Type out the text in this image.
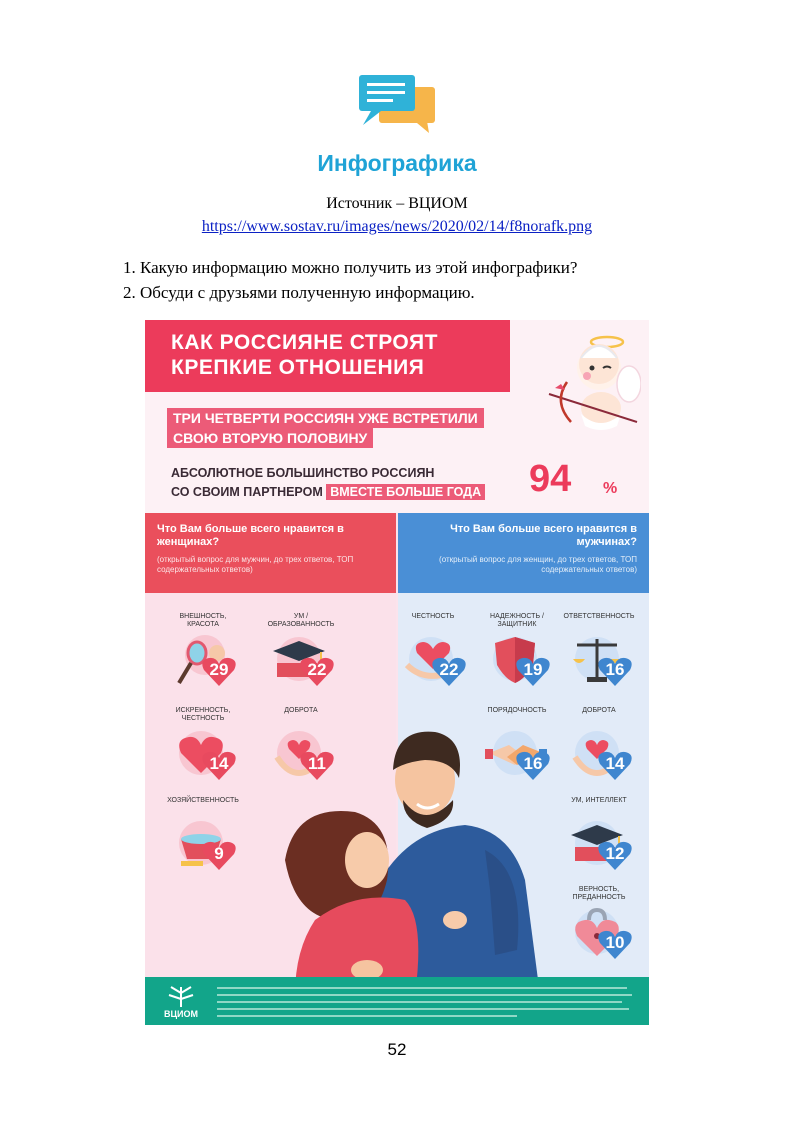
Инфографика
Источник – ВЦИОМ
https://www.sostav.ru/images/news/2020/02/14/f8norafk.png
1. Какую информацию можно получить из этой инфографики?
2. Обсуди с друзьями полученную информацию.
КАК РОССИЯНЕ СТРОЯТ
КРЕПКИЕ ОТНОШЕНИЯ
ТРИ ЧЕТВЕРТИ РОССИЯН УЖЕ ВСТРЕТИЛИ
СВОЮ ВТОРУЮ ПОЛОВИНУ
АБСОЛЮТНОЕ БОЛЬШИНСТВО РОССИЯН
СО СВОИМ ПАРТНЕРОМ ВМЕСТЕ БОЛЬШЕ ГОДА 94 %
Что Вам больше всего нравится в женщинах?
(открытый вопрос для мужчин, до трех ответов, ТОП содержательных ответов)
Что Вам больше всего нравится в мужчинах?
(открытый вопрос для женщин, до трех ответов, ТОП содержательных ответов)
ВНЕШНОСТЬ, КРАСОТА
29
УМ / ОБРАЗОВАННОСТЬ
22
ИСКРЕННОСТЬ, ЧЕСТНОСТЬ
14
ДОБРОТА
11
ХОЗЯЙСТВЕННОСТЬ
9
ЧЕСТНОСТЬ
22
НАДЕЖНОСТЬ / ЗАЩИТНИК
19
ОТВЕТСТВЕННОСТЬ
16
ПОРЯДОЧНОСТЬ
16
ДОБРОТА
14
УМ, ИНТЕЛЛЕКТ
12
ВЕРНОСТЬ, ПРЕДАННОСТЬ
10
ВЦИОМ
52
